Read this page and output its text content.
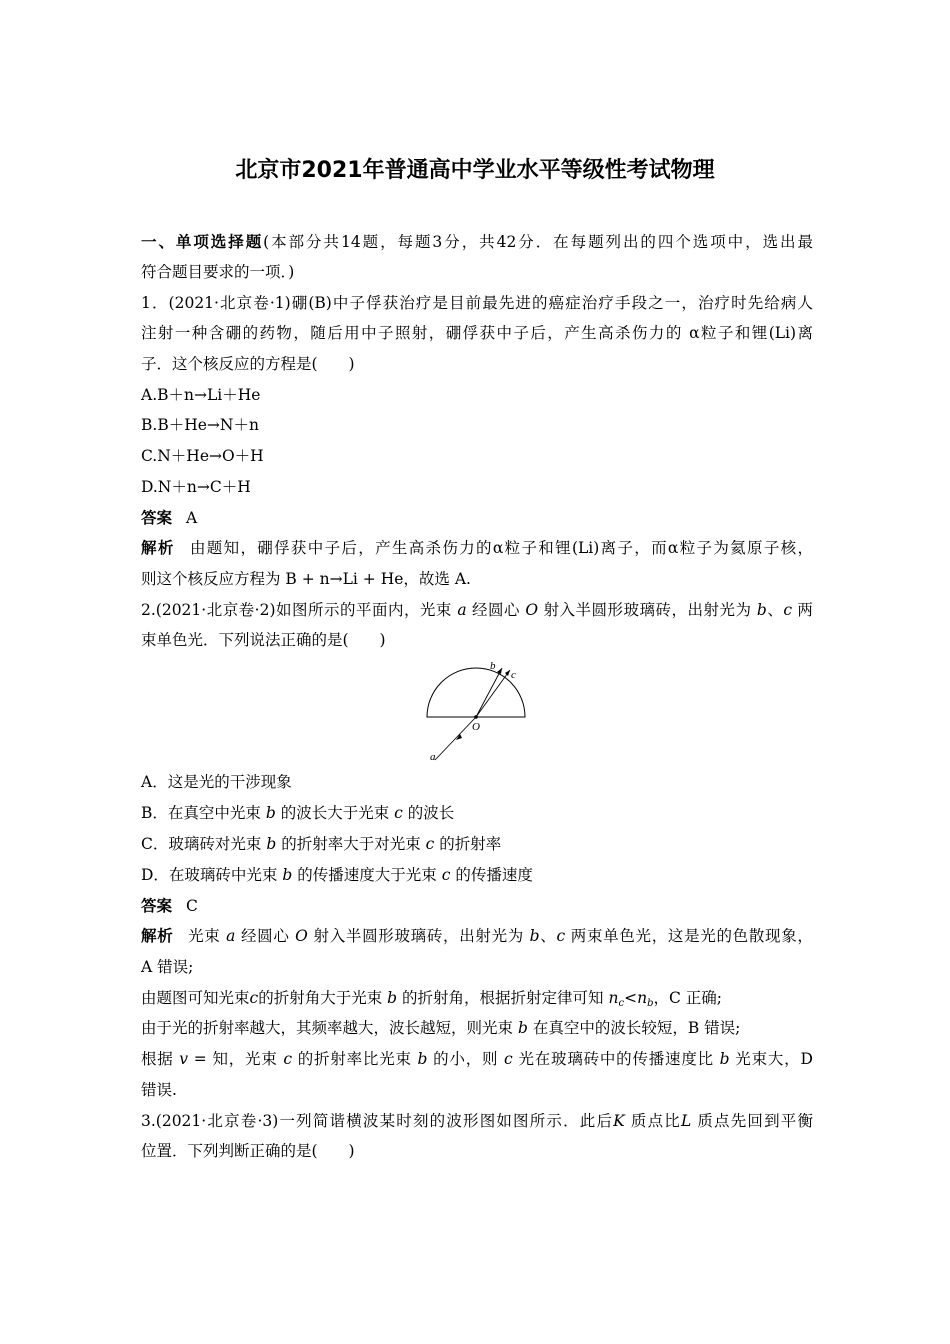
北京市2021年普通高中学业水平等级性考试物理
一、单项选择题(本部分共14题，每题3分，共42分．在每题列出的四个选项中，选出最
符合题目要求的一项．)
1．(2021·北京卷·1)硼(B)中子俘获治疗是目前最先进的癌症治疗手段之一，治疗时先给病人
注射一种含硼的药物，随后用中子照射，硼俘获中子后，产生高杀伤力的 α粒子和锂(Li)离
子．这个核反应的方程是(　　)
A.B＋n→Li＋He
B.B＋He→N＋n
C.N＋He→O＋H
D.N＋n→C＋H
答案 A
解析 由题知，硼俘获中子后，产生高杀伤力的α粒子和锂(Li)离子，而α粒子为氦原子核，
则这个核反应方程为 B + n→Li + He，故选 A.
2.(2021·北京卷·2)如图所示的平面内，光束 a 经圆心 O 射入半圆形玻璃砖，出射光为 b、c 两
束单色光．下列说法正确的是(　　)
b
c
O
a
A．这是光的干涉现象
B．在真空中光束 b 的波长大于光束 c 的波长
C．玻璃砖对光束 b 的折射率大于对光束 c 的折射率
D．在玻璃砖中光束 b 的传播速度大于光束 c 的传播速度
答案 C
解析 光束 a 经圆心 O 射入半圆形玻璃砖，出射光为 b、c 两束单色光，这是光的色散现象，
A 错误;
由题图可知光束c的折射角大于光束 b 的折射角，根据折射定律可知 $n_c<n_b$，C 正确;
由于光的折射率越大，其频率越大，波长越短，则光束 b 在真空中的波长较短，B 错误;
根据 v = 知，光束 c 的折射率比光束 b 的小，则 c 光在玻璃砖中的传播速度比 b 光束大，D
错误.
3.(2021·北京卷·3)一列简谐横波某时刻的波形图如图所示．此后K 质点比L 质点先回到平衡
位置．下列判断正确的是(　　)
